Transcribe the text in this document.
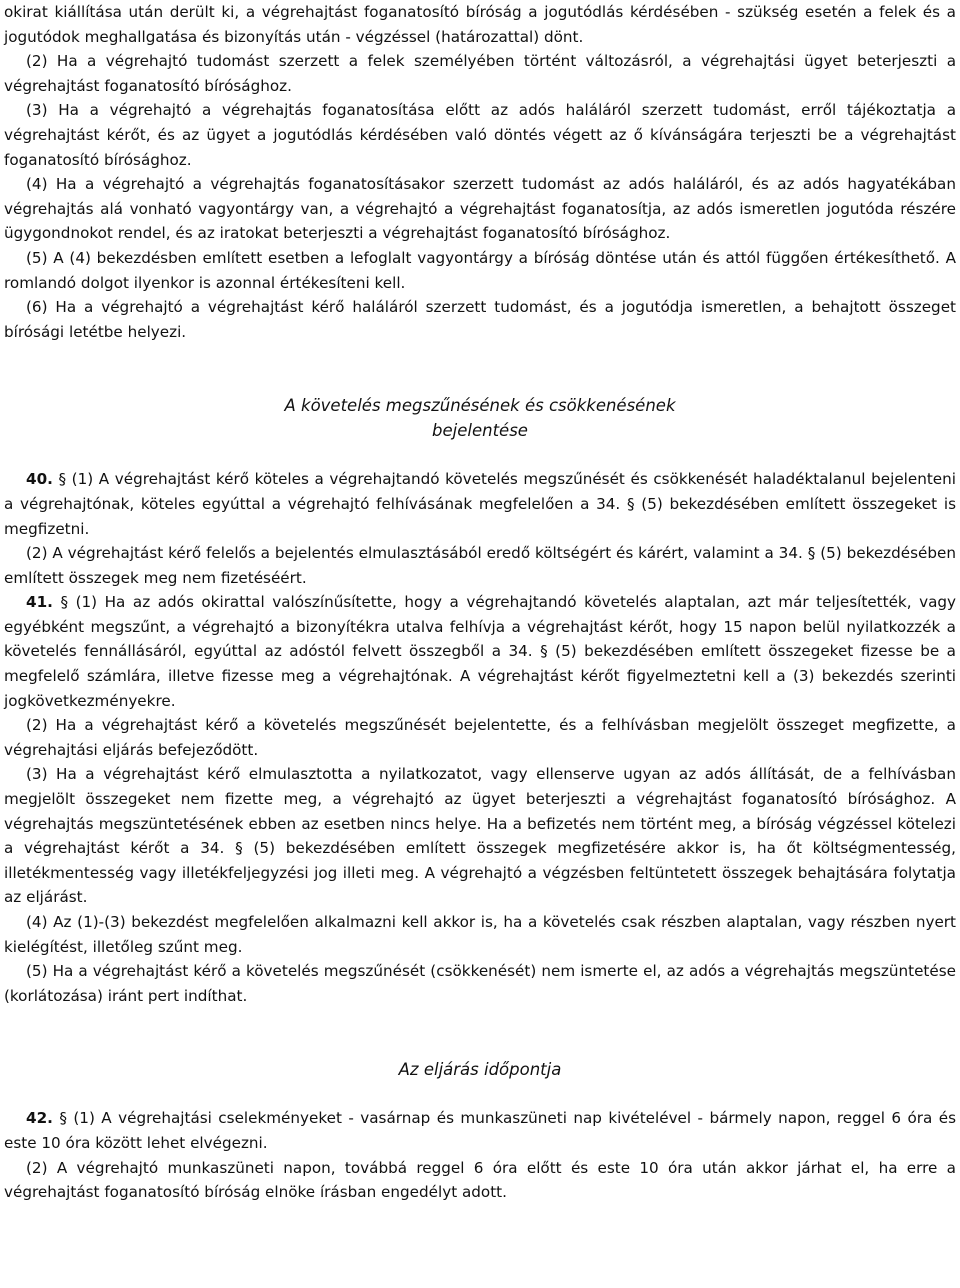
okirat kiállítása után derült ki, a végrehajtást foganatosító bíróság a jogutódlás kérdésében - szükség esetén a felek és a jogutódok meghallgatása és bizonyítás után - végzéssel (határozattal) dönt.

(2) Ha a végrehajtó tudomást szerzett a felek személyében történt változásról, a végrehajtási ügyet beterjeszti a végrehajtást foganatosító bírósághoz.

(3) Ha a végrehajtó a végrehajtás foganatosítása előtt az adós haláláról szerzett tudomást, erről tájékoztatja a végrehajtást kérőt, és az ügyet a jogutódlás kérdésében való döntés végett az ő kívánságára terjeszti be a végrehajtást foganatosító bírósághoz.

(4) Ha a végrehajtó a végrehajtás foganatosításakor szerzett tudomást az adós haláláról, és az adós hagyatékában végrehajtás alá vonható vagyontárgy van, a végrehajtó a végrehajtást foganatosítja, az adós ismeretlen jogutóda részére ügygondnokot rendel, és az iratokat beterjeszti a végrehajtást foganatosító bírósághoz.

(5) A (4) bekezdésben említett esetben a lefoglalt vagyontárgy a bíróság döntése után és attól függően értékesíthető. A romlandó dolgot ilyenkor is azonnal értékesíteni kell.

(6) Ha a végrehajtó a végrehajtást kérő haláláról szerzett tudomást, és a jogutódja ismeretlen, a behajtott összeget bírósági letétbe helyezi.

A követelés megszűnésének és csökkenésének

bejelentése

40. § (1) A végrehajtást kérő köteles a végrehajtandó követelés megszűnését és csökkenését haladéktalanul bejelenteni a végrehajtónak, köteles egyúttal a végrehajtó felhívásának megfelelően a 34. § (5) bekezdésében említett összegeket is megfizetni.

(2) A végrehajtást kérő felelős a bejelentés elmulasztásából eredő költségért és kárért, valamint a 34. § (5) bekezdésében említett összegek meg nem fizetéséért.

41. § (1) Ha az adós okirattal valószínűsítette, hogy a végrehajtandó követelés alaptalan, azt már teljesítették, vagy egyébként megszűnt, a végrehajtó a bizonyítékra utalva felhívja a végrehajtást kérőt, hogy 15 napon belül nyilatkozzék a követelés fennállásáról, egyúttal az adóstól felvett összegből a 34. § (5) bekezdésében említett összegeket fizesse be a megfelelő számlára, illetve fizesse meg a végrehajtónak. A végrehajtást kérőt figyelmeztetni kell a (3) bekezdés szerinti jogkövetkezményekre.

(2) Ha a végrehajtást kérő a követelés megszűnését bejelentette, és a felhívásban megjelölt összeget megfizette, a végrehajtási eljárás befejeződött.

(3) Ha a végrehajtást kérő elmulasztotta a nyilatkozatot, vagy ellenserve ugyan az adós állítását, de a felhívásban megjelölt összegeket nem fizette meg, a végrehajtó az ügyet beterjeszti a végrehajtást foganatosító bírósághoz. A végrehajtás megszüntetésének ebben az esetben nincs helye. Ha a befizetés nem történt meg, a bíróság végzéssel kötelezi a végrehajtást kérőt a 34. § (5) bekezdésében említett összegek megfizetésére akkor is, ha őt költségmentesség, illetékmentesség vagy illetékfeljegyzési jog illeti meg. A végrehajtó a végzésben feltüntetett összegek behajtására folytatja az eljárást.

(4) Az (1)-(3) bekezdést megfelelően alkalmazni kell akkor is, ha a követelés csak részben alaptalan, vagy részben nyert kielégítést, illetőleg szűnt meg.

(5) Ha a végrehajtást kérő a követelés megszűnését (csökkenését) nem ismerte el, az adós a végrehajtás megszüntetése (korlátozása) iránt pert indíthat.

Az eljárás időpontja

42. § (1) A végrehajtási cselekményeket - vasárnap és munkaszüneti nap kivételével - bármely napon, reggel 6 óra és este 10 óra között lehet elvégezni.

(2) A végrehajtó munkaszüneti napon, továbbá reggel 6 óra előtt és este 10 óra után akkor járhat el, ha erre a végrehajtást foganatosító bíróság elnöke írásban engedélyt adott.
